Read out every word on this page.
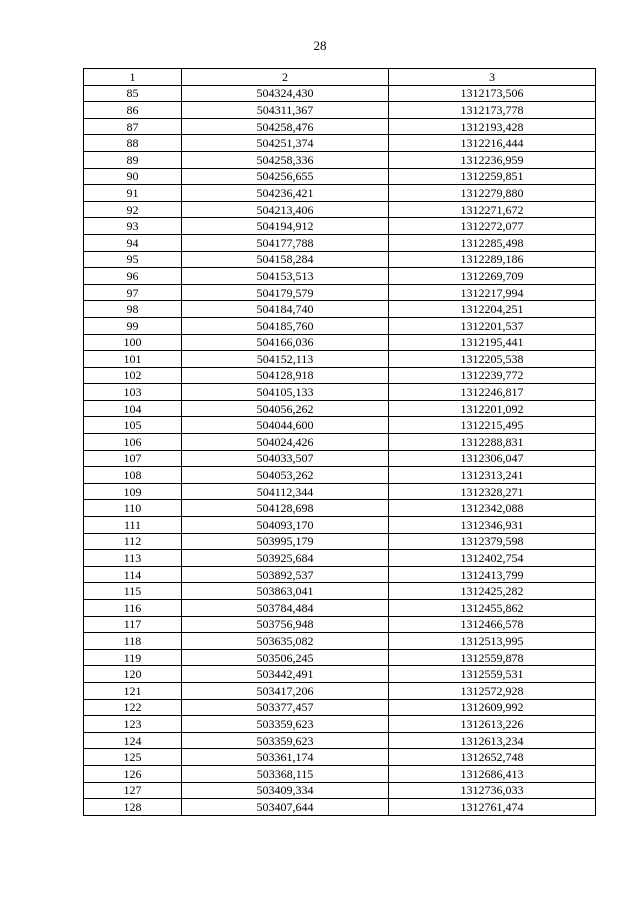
28
1	2	3
85	504324,430	1312173,506
86	504311,367	1312173,778
87	504258,476	1312193,428
88	504251,374	1312216,444
89	504258,336	1312236,959
90	504256,655	1312259,851
91	504236,421	1312279,880
92	504213,406	1312271,672
93	504194,912	1312272,077
94	504177,788	1312285,498
95	504158,284	1312289,186
96	504153,513	1312269,709
97	504179,579	1312217,994
98	504184,740	1312204,251
99	504185,760	1312201,537
100	504166,036	1312195,441
101	504152,113	1312205,538
102	504128,918	1312239,772
103	504105,133	1312246,817
104	504056,262	1312201,092
105	504044,600	1312215,495
106	504024,426	1312288,831
107	504033,507	1312306,047
108	504053,262	1312313,241
109	504112,344	1312328,271
110	504128,698	1312342,088
111	504093,170	1312346,931
112	503995,179	1312379,598
113	503925,684	1312402,754
114	503892,537	1312413,799
115	503863,041	1312425,282
116	503784,484	1312455,862
117	503756,948	1312466,578
118	503635,082	1312513,995
119	503506,245	1312559,878
120	503442,491	1312559,531
121	503417,206	1312572,928
122	503377,457	1312609,992
123	503359,623	1312613,226
124	503359,623	1312613,234
125	503361,174	1312652,748
126	503368,115	1312686,413
127	503409,334	1312736,033
128	503407,644	1312761,474
